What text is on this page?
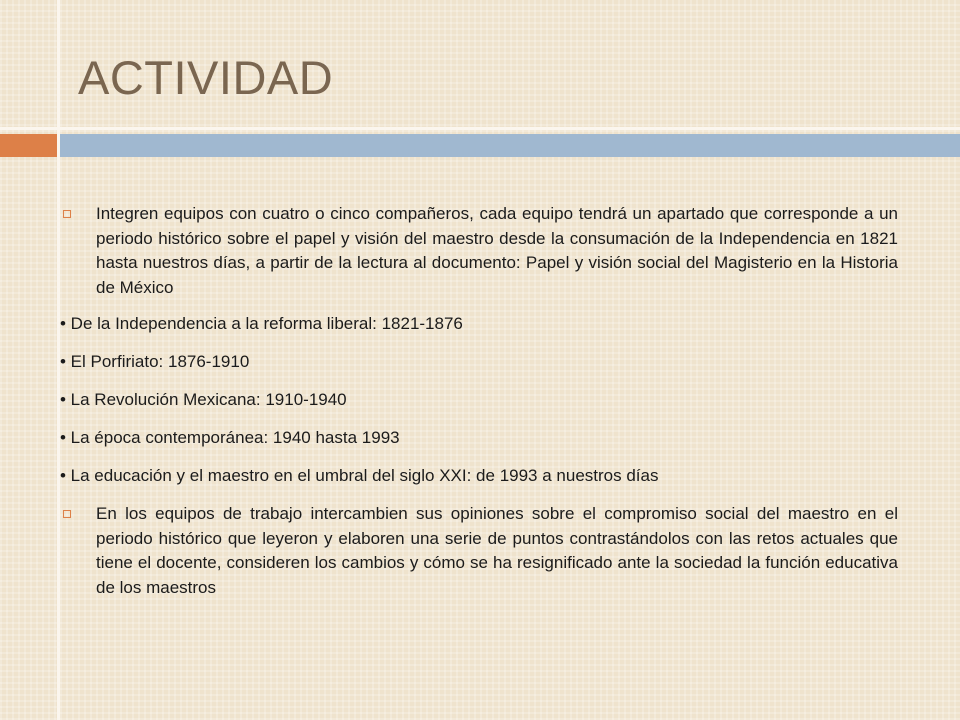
ACTIVIDAD
Integren equipos con cuatro o cinco compañeros, cada equipo tendrá un apartado que corresponde a un periodo histórico sobre el papel y visión del maestro desde la consumación de la Independencia en 1821 hasta nuestros días, a partir de la lectura al documento: Papel y visión social del Magisterio en la Historia de México
• De la Independencia a la reforma liberal: 1821-1876
• El Porfiriato: 1876-1910
• La Revolución Mexicana: 1910-1940
• La época contemporánea: 1940 hasta 1993
• La educación y el maestro en el umbral del siglo XXI: de 1993 a nuestros días
En los equipos de trabajo intercambien sus opiniones sobre el compromiso social del maestro en el periodo histórico que leyeron y elaboren una serie de puntos contrastándolos con las retos actuales que tiene el docente, consideren los cambios y cómo se ha resignificado ante la sociedad la función educativa de los maestros
